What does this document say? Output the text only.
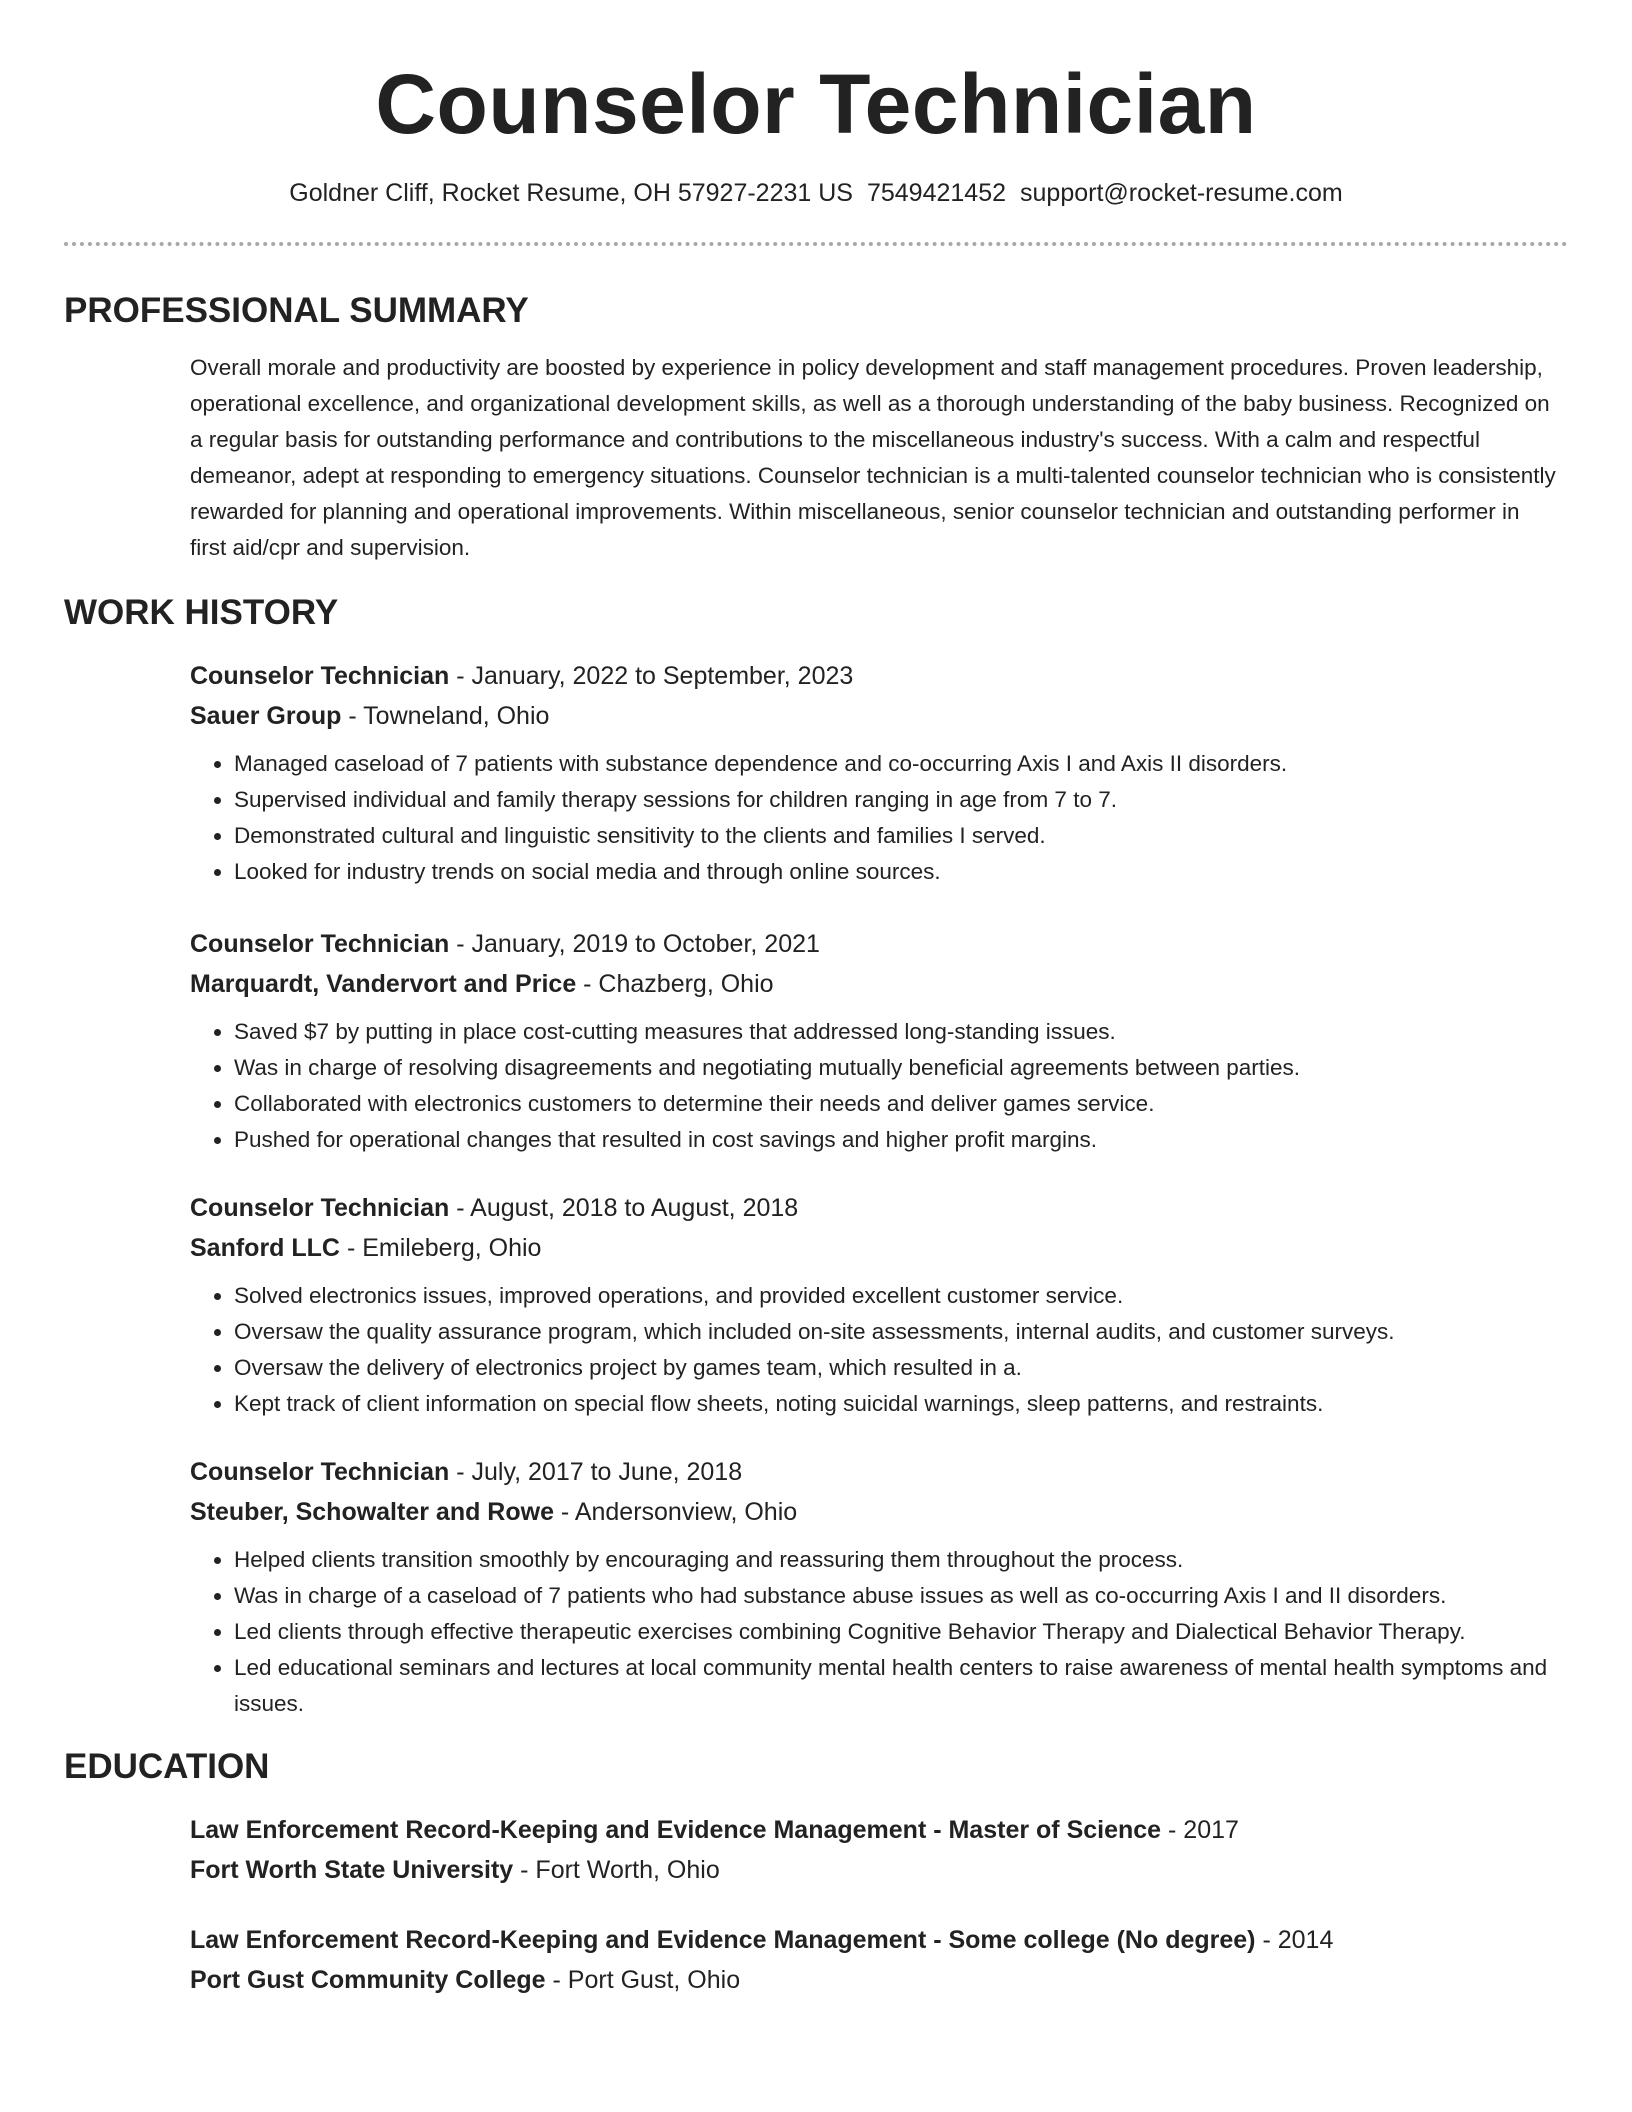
Counselor Technician
Goldner Cliff, Rocket Resume, OH 57927-2231 US 7549421452 support@rocket-resume.com
PROFESSIONAL SUMMARY
Overall morale and productivity are boosted by experience in policy development and staff management procedures. Proven leadership, operational excellence, and organizational development skills, as well as a thorough understanding of the baby business. Recognized on a regular basis for outstanding performance and contributions to the miscellaneous industry's success. With a calm and respectful demeanor, adept at responding to emergency situations. Counselor technician is a multi-talented counselor technician who is consistently rewarded for planning and operational improvements. Within miscellaneous, senior counselor technician and outstanding performer in first aid/cpr and supervision.
WORK HISTORY
Counselor Technician - January, 2022 to September, 2023
Sauer Group - Towneland, Ohio
• Managed caseload of 7 patients with substance dependence and co-occurring Axis I and Axis II disorders.
• Supervised individual and family therapy sessions for children ranging in age from 7 to 7.
• Demonstrated cultural and linguistic sensitivity to the clients and families I served.
• Looked for industry trends on social media and through online sources.
Counselor Technician - January, 2019 to October, 2021
Marquardt, Vandervort and Price - Chazberg, Ohio
• Saved $7 by putting in place cost-cutting measures that addressed long-standing issues.
• Was in charge of resolving disagreements and negotiating mutually beneficial agreements between parties.
• Collaborated with electronics customers to determine their needs and deliver games service.
• Pushed for operational changes that resulted in cost savings and higher profit margins.
Counselor Technician - August, 2018 to August, 2018
Sanford LLC - Emileberg, Ohio
• Solved electronics issues, improved operations, and provided excellent customer service.
• Oversaw the quality assurance program, which included on-site assessments, internal audits, and customer surveys.
• Oversaw the delivery of electronics project by games team, which resulted in a.
• Kept track of client information on special flow sheets, noting suicidal warnings, sleep patterns, and restraints.
Counselor Technician - July, 2017 to June, 2018
Steuber, Schowalter and Rowe - Andersonview, Ohio
• Helped clients transition smoothly by encouraging and reassuring them throughout the process.
• Was in charge of a caseload of 7 patients who had substance abuse issues as well as co-occurring Axis I and II disorders.
• Led clients through effective therapeutic exercises combining Cognitive Behavior Therapy and Dialectical Behavior Therapy.
• Led educational seminars and lectures at local community mental health centers to raise awareness of mental health symptoms and issues.
EDUCATION
Law Enforcement Record-Keeping and Evidence Management - Master of Science - 2017
Fort Worth State University - Fort Worth, Ohio
Law Enforcement Record-Keeping and Evidence Management - Some college (No degree) - 2014
Port Gust Community College - Port Gust, Ohio
